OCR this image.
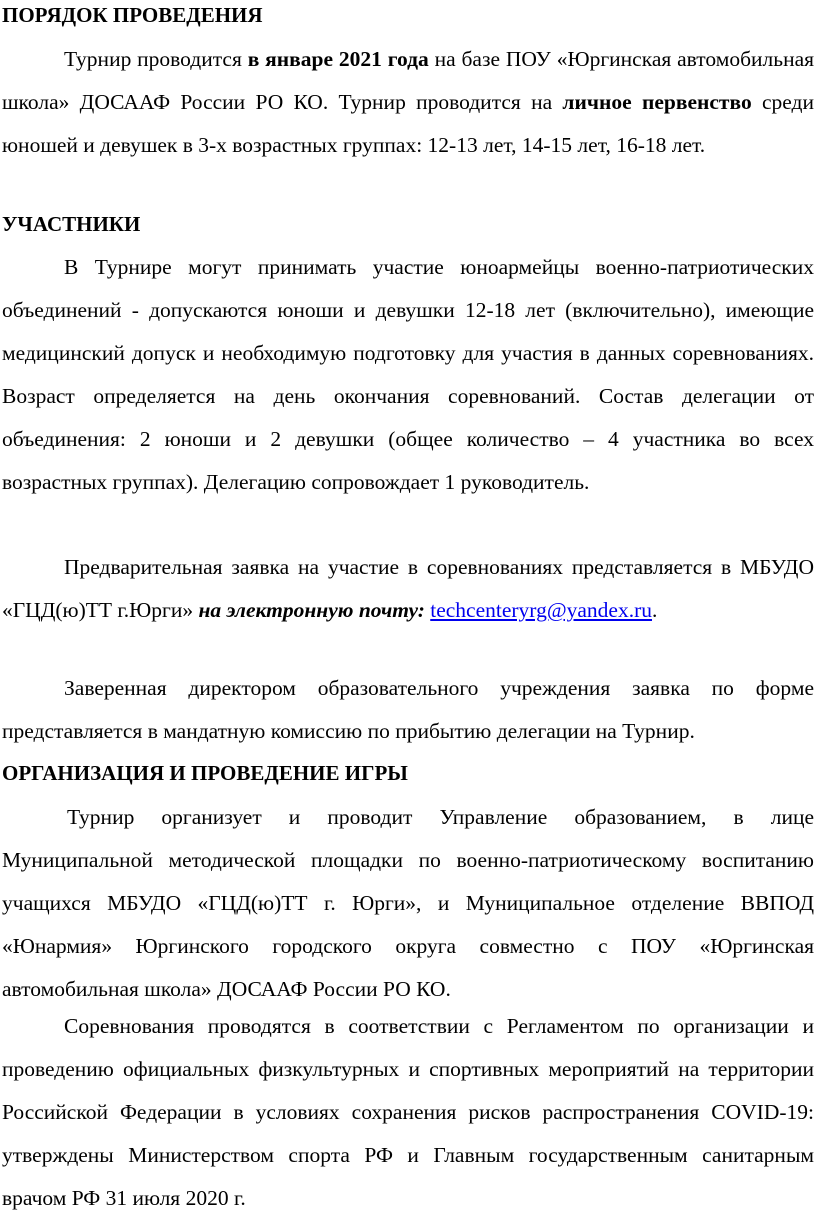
ПОРЯДОК ПРОВЕДЕНИЯ

Турнир проводится в январе 2021 года на базе ПОУ «Юргинская автомобильная школа» ДОСААФ России РО КО. Турнир проводится на личное первенство среди юношей и девушек в 3-х возрастных группах: 12-13 лет, 14-15 лет, 16-18 лет.

УЧАСТНИКИ

В Турнире могут принимать участие юноармейцы военно-патриотических объединений - допускаются юноши и девушки 12-18 лет (включительно), имеющие медицинский допуск и необходимую подготовку для участия в данных соревнованиях. Возраст определяется на день окончания соревнований. Состав делегации от объединения: 2 юноши и 2 девушки (общее количество – 4 участника во всех возрастных группах). Делегацию сопровождает 1 руководитель.

Предварительная заявка на участие в соревнованиях представляется в МБУДО «ГЦД(ю)ТТ г.Юрги» на электронную почту: techcenteryrg@yandex.ru.

Заверенная директором образовательного учреждения заявка по форме представляется в мандатную комиссию по прибытию делегации на Турнир.

ОРГАНИЗАЦИЯ И ПРОВЕДЕНИЕ ИГРЫ

Турнир организует и проводит Управление образованием, в лице Муниципальной методической площадки по военно-патриотическому воспитанию учащихся МБУДО «ГЦД(ю)ТТ г. Юрги», и Муниципальное отделение ВВПОД «Юнармия» Юргинского городского округа совместно с ПОУ «Юргинская автомобильная школа» ДОСААФ России РО КО.

Соревнования проводятся в соответствии с Регламентом по организации и проведению официальных физкультурных и спортивных мероприятий на территории Российской Федерации в условиях сохранения рисков распространения COVID-19: утверждены Министерством спорта РФ и Главным государственным санитарным врачом РФ 31 июля 2020 г.
